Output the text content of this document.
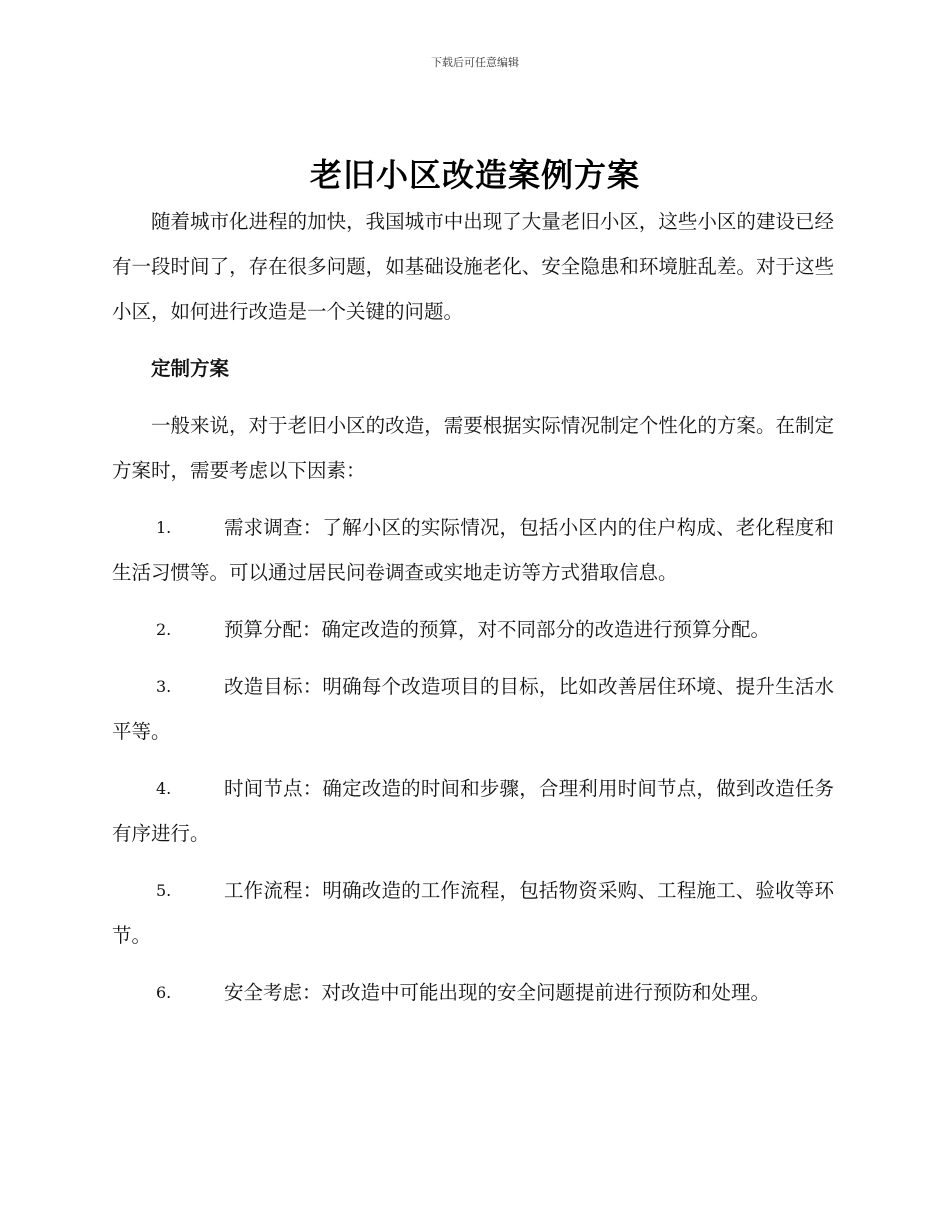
下载后可任意编辑
老旧小区改造案例方案

随着城市化进程的加快，我国城市中出现了大量老旧小区，这些小区的建设已经有一段时间了，存在很多问题，如基础设施老化、安全隐患和环境脏乱差。对于这些小区，如何进行改造是一个关键的问题。

定制方案

一般来说，对于老旧小区的改造，需要根据实际情况制定个性化的方案。在制定方案时，需要考虑以下因素：

1.	需求调查：了解小区的实际情况，包括小区内的住户构成、老化程度和生活习惯等。可以通过居民问卷调查或实地走访等方式猎取信息。

2.	预算分配：确定改造的预算，对不同部分的改造进行预算分配。

3.	改造目标：明确每个改造项目的目标，比如改善居住环境、提升生活水平等。

4.	时间节点：确定改造的时间和步骤，合理利用时间节点，做到改造任务有序进行。

5.	工作流程：明确改造的工作流程，包括物资采购、工程施工、验收等环节。

6.	安全考虑：对改造中可能出现的安全问题提前进行预防和处理。
